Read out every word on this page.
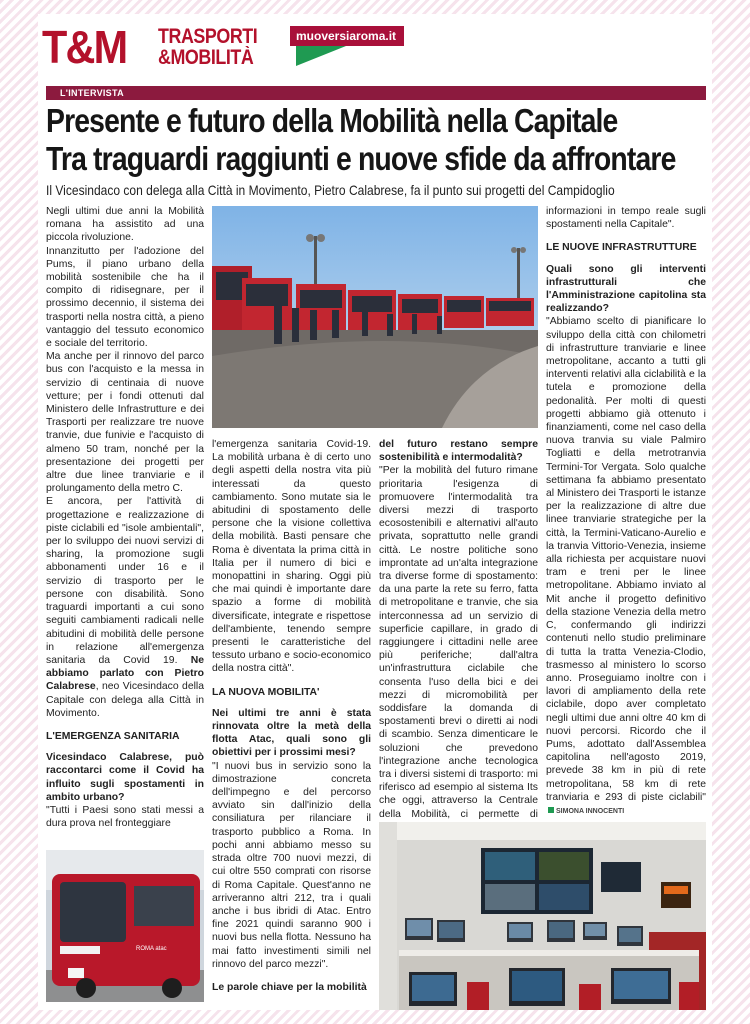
T&M TRASPORTI
&MOBILITÀ
muoversiaroma.it
L'INTERVISTA
Presente e futuro della Mobilità nella Capitale
Tra traguardi raggiunti e nuove sfide da affrontare
Il Vicesindaco con delega alla Città in Movimento, Pietro Calabrese, fa il punto sui progetti del Campidoglio

Negli ultimi due anni la Mobilità romana ha assistito ad una piccola rivoluzione.

Innanzitutto per l'adozione del Pums, il piano urbano della mobilità sostenibile che ha il compito di ridisegnare, per il prossimo decennio, il sistema dei trasporti nella nostra città, a pieno vantaggio del tessuto economico e sociale del territorio.

Ma anche per il rinnovo del parco bus con l'acquisto e la messa in servizio di centinaia di nuove vetture; per i fondi ottenuti dal Ministero delle Infrastrutture e dei Trasporti per realizzare tre nuove tranvie, due funivie e l'acquisto di almeno 50 tram, nonché per la presentazione dei progetti per altre due linee tranviarie e il prolungamento della metro C.

E ancora, per l'attività di progettazione e realizzazione di piste ciclabili ed "isole ambientali", per lo sviluppo dei nuovi servizi di sharing, la promozione sugli abbonamenti under 16 e il servizio di trasporto per le persone con disabilità. Sono traguardi importanti a cui sono seguiti cambiamenti radicali nelle abitudini di mobilità delle persone in relazione all'emergenza sanitaria da Covid 19. Ne abbiamo parlato con Pietro Calabrese, neo Vicesindaco della Capitale con delega alla Città in Movimento.

L'EMERGENZA SANITARIA

Vicesindaco Calabrese, può raccontarci come il Covid ha influito sugli spostamenti in ambito urbano?

"Tutti i Paesi sono stati messi a dura prova nel fronteggiare

l'emergenza sanitaria Covid-19. La mobilità urbana è di certo uno degli aspetti della nostra vita più interessati da questo cambiamento. Sono mutate sia le abitudini di spostamento delle persone che la visione collettiva della mobilità. Basti pensare che Roma è diventata la prima città in Italia per il numero di bici e monopattini in sharing. Oggi più che mai quindi è importante dare spazio a forme di mobilità diversificate, integrate e rispettose dell'ambiente, tenendo sempre presenti le caratteristiche del tessuto urbano e socio-economico della nostra città".

LA NUOVA MOBILITA'

Nei ultimi tre anni è stata rinnovata oltre la metà della flotta Atac, quali sono gli obiettivi per i prossimi mesi?

"I nuovi bus in servizio sono la dimostrazione concreta dell'impegno e del percorso avviato sin dall'inizio della consiliatura per rilanciare il trasporto pubblico a Roma. In pochi anni abbiamo messo su strada oltre 700 nuovi mezzi, di cui oltre 550 comprati con risorse di Roma Capitale. Quest'anno ne arriveranno altri 212, tra i quali anche i bus ibridi di Atac. Entro fine 2021 quindi saranno 900 i nuovi bus nella flotta. Nessuno ha mai fatto investimenti simili nel rinnovo del parco mezzi".

Le parole chiave per la mobilità

del futuro restano sempre sostenibilità e intermodalità?

"Per la mobilità del futuro rimane prioritaria l'esigenza di promuovere l'intermodalità tra diversi mezzi di trasporto ecosostenibili e alternativi all'auto privata, soprattutto nelle grandi città. Le nostre politiche sono improntate ad un'alta integrazione tra diverse forme di spostamento: da una parte la rete su ferro, fatta di metropolitane e tranvie, che sia interconnessa ad un servizio di superficie capillare, in grado di raggiungere i cittadini nelle aree più periferiche; dall'altra un'infrastruttura ciclabile che consenta l'uso della bici e dei mezzi di micromobilità per soddisfare la domanda di spostamenti brevi o diretti ai nodi di scambio. Senza dimenticare le soluzioni che prevedono l'integrazione anche tecnologica tra i diversi sistemi di trasporto: mi riferisco ad esempio al sistema Its che oggi, attraverso la Centrale della Mobilità, ci permette di

informazioni in tempo reale sugli spostamenti nella Capitale".

LE NUOVE INFRASTRUTTURE

Quali sono gli interventi infrastrutturali che l'Amministrazione capitolina sta realizzando?

"Abbiamo scelto di pianificare lo sviluppo della città con chilometri di infrastrutture tranviarie e linee metropolitane, accanto a tutti gli interventi relativi alla ciclabilità e la tutela e promozione della pedonalità. Per molti di questi progetti abbiamo già ottenuto i finanziamenti, come nel caso della nuova tranvia su viale Palmiro Togliatti e della metrotranvia Termini-Tor Vergata. Solo qualche settimana fa abbiamo presentato al Ministero dei Trasporti le istanze per la realizzazione di altre due linee tranviarie strategiche per la città, la Termini-Vaticano-Aurelio e la tranvia Vittorio-Venezia, insieme alla richiesta per acquistare nuovi tram e treni per le linee metropolitane. Abbiamo inviato al Mit anche il progetto definitivo della stazione Venezia della metro C, confermando gli indirizzi contenuti nello studio preliminare di tutta la tratta Venezia-Clodio, trasmesso al ministero lo scorso anno. Proseguiamo inoltre con i lavori di ampliamento della rete ciclabile, dopo aver completato negli ultimi due anni oltre 40 km di nuovi percorsi. Ricordo che il Pums, adottato dall'Assemblea capitolina nell'agosto 2019, prevede 38 km in più di rete metropolitana, 58 km di rete tranviaria e 293 di piste ciclabili" SIMONA INNOCENTI

ROMA atac
